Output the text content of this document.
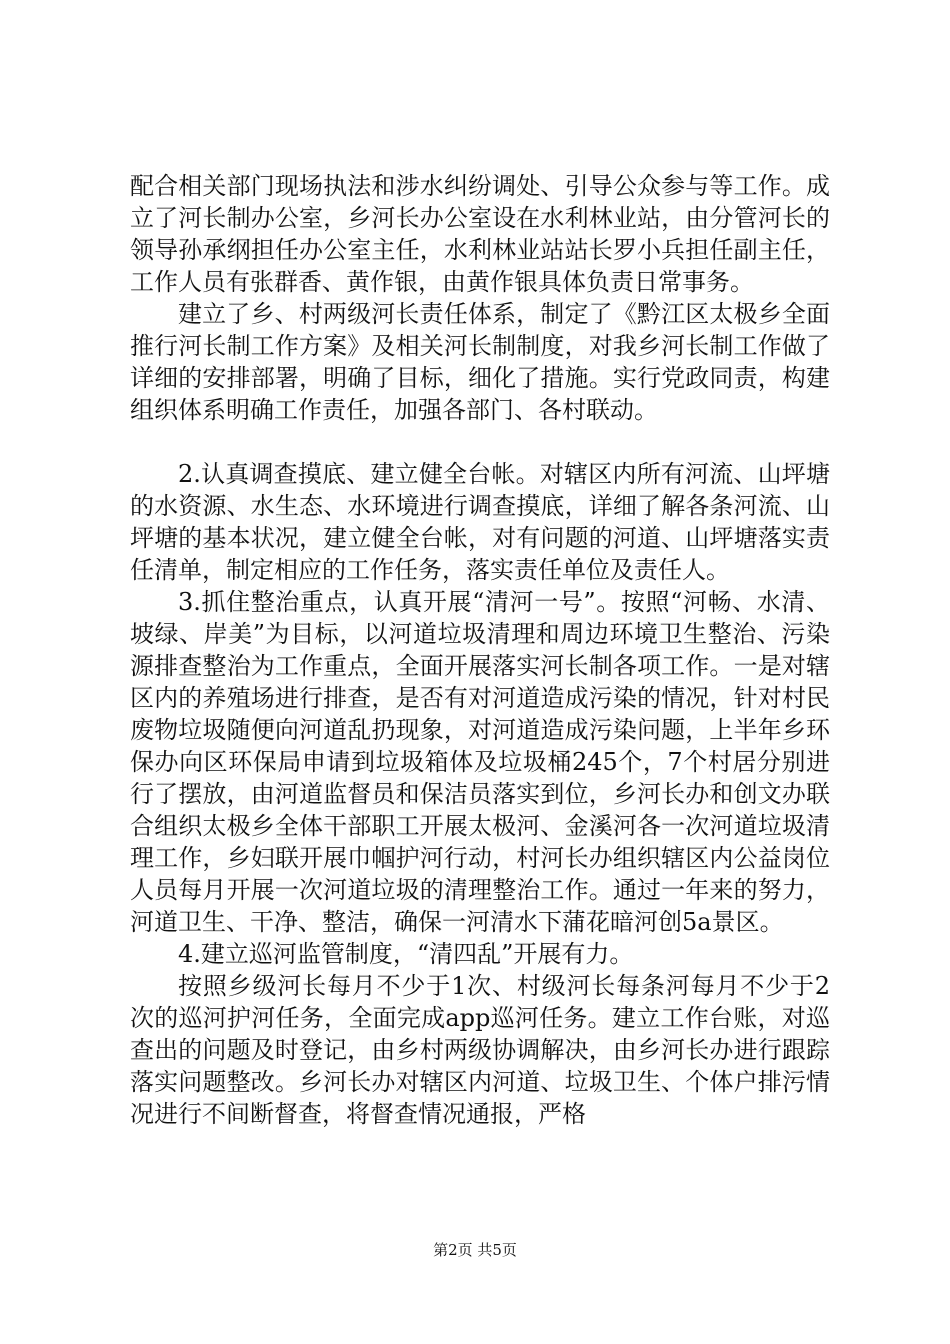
配合相关部门现场执法和涉水纠纷调处、引导公众参与等工作。成立了河长制办公室，乡河长办公室设在水利林业站，由分管河长的领导孙承纲担任办公室主任，水利林业站站长罗小兵担任副主任，工作人员有张群香、黄作银，由黄作银具体负责日常事务。

建立了乡、村两级河长责任体系，制定了《黔江区太极乡全面推行河长制工作方案》及相关河长制制度，对我乡河长制工作做了详细的安排部署，明确了目标，细化了措施。实行党政同责，构建组织体系明确工作责任，加强各部门、各村联动。

2.认真调查摸底、建立健全台帐。对辖区内所有河流、山坪塘的水资源、水生态、水环境进行调查摸底，详细了解各条河流、山坪塘的基本状况，建立健全台帐，对有问题的河道、山坪塘落实责任清单，制定相应的工作任务，落实责任单位及责任人。

3.抓住整治重点，认真开展“清河一号”。按照“河畅、水清、坡绿、岸美”为目标，以河道垃圾清理和周边环境卫生整治、污染源排查整治为工作重点，全面开展落实河长制各项工作。一是对辖区内的养殖场进行排查，是否有对河道造成污染的情况，针对村民废物垃圾随便向河道乱扔现象，对河道造成污染问题，上半年乡环保办向区环保局申请到垃圾箱体及垃圾桶245个，7个村居分别进行了摆放，由河道监督员和保洁员落实到位，乡河长办和创文办联合组织太极乡全体干部职工开展太极河、金溪河各一次河道垃圾清理工作，乡妇联开展巾帼护河行动，村河长办组织辖区内公益岗位人员每月开展一次河道垃圾的清理整治工作。通过一年来的努力，河道卫生、干净、整洁，确保一河清水下蒲花暗河创5a景区。

4.建立巡河监管制度，“清四乱”开展有力。

按照乡级河长每月不少于1次、村级河长每条河每月不少于2次的巡河护河任务，全面完成app巡河任务。建立工作台账，对巡查出的问题及时登记，由乡村两级协调解决，由乡河长办进行跟踪落实问题整改。乡河长办对辖区内河道、垃圾卫生、个体户排污情况进行不间断督查，将督查情况通报，严格

第2页 共5页
